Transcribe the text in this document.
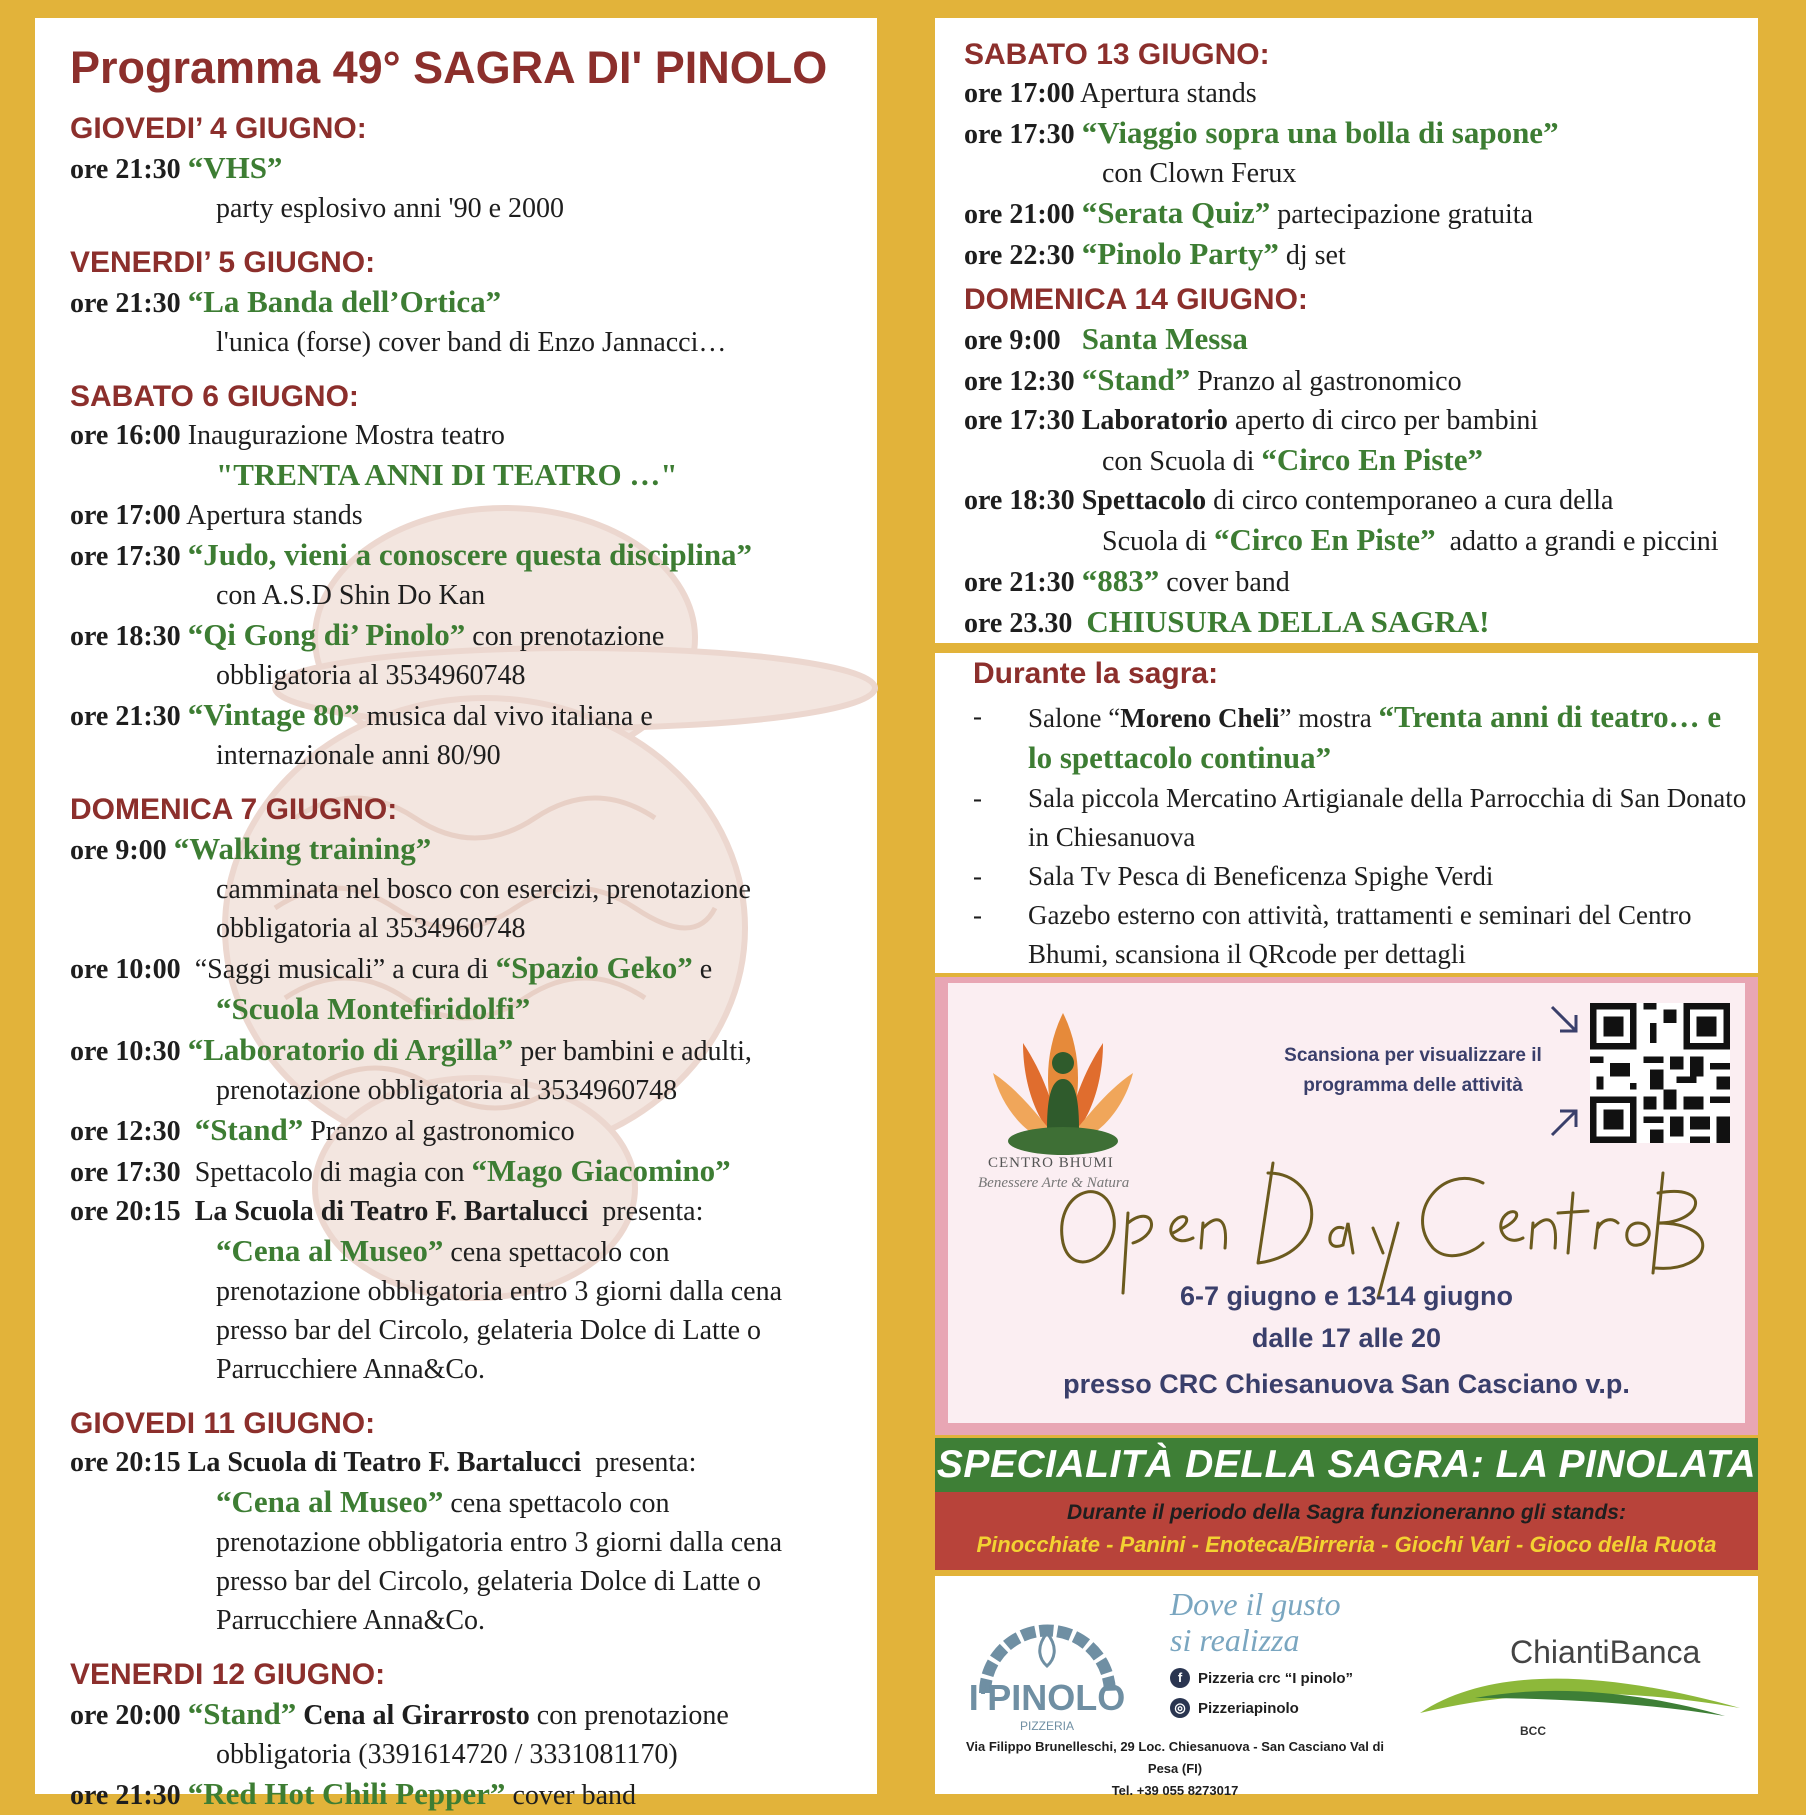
Programma 49° SAGRA DI' PINOLO
GIOVEDI’ 4 GIUGNO:
ore 21:30 “VHS”
party esplosivo anni '90 e 2000
VENERDI’ 5 GIUGNO:
ore 21:30 “La Banda dell’Ortica”
l'unica (forse) cover band di Enzo Jannacci…
SABATO 6 GIUGNO:
ore 16:00 Inaugurazione Mostra teatro
"TRENTA ANNI DI TEATRO …"
ore 17:00 Apertura stands
ore 17:30 “Judo, vieni a conoscere questa disciplina”
con A.S.D Shin Do Kan
ore 18:30 “Qi Gong di’ Pinolo” con prenotazione
obbligatoria al 3534960748
ore 21:30 “Vintage 80” musica dal vivo italiana e
internazionale anni 80/90
DOMENICA 7 GIUGNO:
ore 9:00 “Walking training”
camminata nel bosco con esercizi, prenotazione
obbligatoria al 3534960748
ore 10:00 “Saggi musicali” a cura di “Spazio Geko” e
“Scuola Montefiridolfi”
ore 10:30 “Laboratorio di Argilla” per bambini e adulti,
prenotazione obbligatoria al 3534960748
ore 12:30 “Stand” Pranzo al gastronomico
ore 17:30 Spettacolo di magia con “Mago Giacomino”
ore 20:15 La Scuola di Teatro F. Bartalucci presenta:
“Cena al Museo” cena spettacolo con
prenotazione obbligatoria entro 3 giorni dalla cena
presso bar del Circolo, gelateria Dolce di Latte o
Parrucchiere Anna&Co.
GIOVEDI 11 GIUGNO:
ore 20:15 La Scuola di Teatro F. Bartalucci presenta:
“Cena al Museo” cena spettacolo con
prenotazione obbligatoria entro 3 giorni dalla cena
presso bar del Circolo, gelateria Dolce di Latte o
Parrucchiere Anna&Co.
VENERDI 12 GIUGNO:
ore 20:00 “Stand” Cena al Girarrosto con prenotazione
obbligatoria (3391614720 / 3331081170)
ore 21:30 “Red Hot Chili Pepper” cover band
SABATO 13 GIUGNO:
ore 17:00 Apertura stands
ore 17:30 “Viaggio sopra una bolla di sapone”
con Clown Ferux
ore 21:00 “Serata Quiz” partecipazione gratuita
ore 22:30 “Pinolo Party” dj set
DOMENICA 14 GIUGNO:
ore 9:00 Santa Messa
ore 12:30 “Stand” Pranzo al gastronomico
ore 17:30 Laboratorio aperto di circo per bambini
con Scuola di “Circo En Piste”
ore 18:30 Spettacolo di circo contemporaneo a cura della
Scuola di “Circo En Piste” adatto a grandi e piccini
ore 21:30 “883” cover band
ore 23.30 CHIUSURA DELLA SAGRA!
Durante la sagra:
-	Salone “Moreno Cheli” mostra “Trenta anni di teatro… e lo spettacolo continua”
-	Sala piccola Mercatino Artigianale della Parrocchia di San Donato in Chiesanuova
-	Sala Tv Pesca di Beneficenza Spighe Verdi
-	Gazebo esterno con attività, trattamenti e seminari del Centro Bhumi, scansiona il QRcode per dettagli
CENTRO BHUMI
Benessere Arte & Natura
Scansiona per visualizzare il
programma delle attività
6-7 giugno e 13-14 giugno
dalle 17 alle 20
presso CRC Chiesanuova San Casciano v.p.
SPECIALITÀ DELLA SAGRA: LA PINOLATA
Durante il periodo della Sagra funzioneranno gli stands:
Pinocchiate - Panini - Enoteca/Birreria - Giochi Vari - Gioco della Ruota
I'PINOLO
PIZZERIA
Dove il gusto
si realizza
f	Pizzeria crc “I pinolo”
◎ Pizzeriapinolo
Via Filippo Brunelleschi, 29 Loc. Chiesanuova - San Casciano Val di Pesa (FI)
Tel. +39 055 8273017
ChiantiBanca
BCC
